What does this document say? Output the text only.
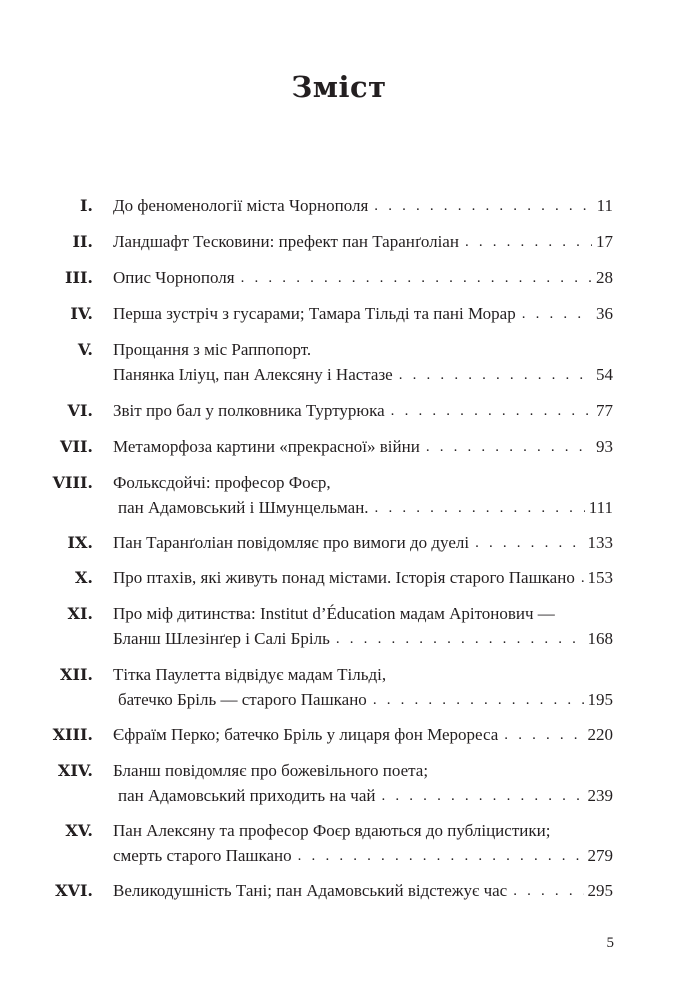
Зміст
I. До феноменології міста Чорнополя . . .	11
II. Ландшафт Тесковини: префект пан Таранґоліан . . .	17
III. Опис Чорнополя . . .	28
IV. Перша зустріч з гусарами; Тамара Тільді та пані Морар . . .	36
V. Прощання з міс Раппопорт.
Панянка Іліуц, пан Алексяну і Настазе . . .	54
VI. Звіт про бал у полковника Туртурюка . . .	77
VII. Метаморфоза картини «прекрасної» війни . . .	93
VIII. Фольксдойчі: професор Фоєр,
пан Адамовський і Шмунцельман. . . .	111
IX. Пан Таранґоліан повідомляє про вимоги до дуелі . . .	133
X. Про птахів, які живуть понад містами. Історія старого Пашкано . . . 153
XI. Про міф дитинства: Institut d’Éducation мадам Арітонович —
Бланш Шлезінґер і Салі Бріль . . .	168
XII. Тітка Паулетта відвідує мадам Тільді,
батечко Бріль — старого Пашкано . . .	195
XIII. Єфраїм Перко; батечко Бріль у лицаря фон Мерореса . . .	220
XIV. Бланш повідомляє про божевільного поета;
пан Адамовський приходить на чай . . .	239
XV. Пан Алексяну та професор Фоєр вдаються до публіцистики;
смерть старого Пашкано . . .	279
XVI. Великодушність Тані; пан Адамовський відстежує час . . .	295
5
